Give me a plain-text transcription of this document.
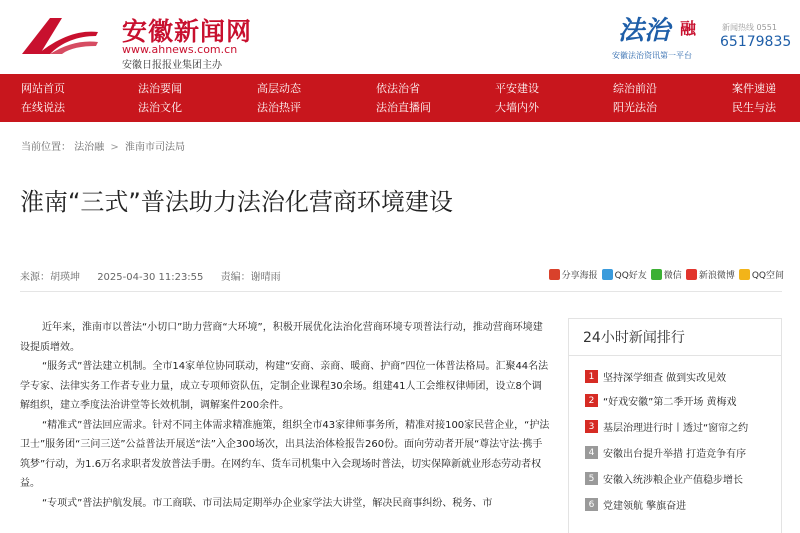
安徽新闻网
www.ahnews.com.cn
安徽日报报业集团主办
法治 融
安徽法治资讯第一平台
新闻热线 0551
65179835
网站首页	法治要闻	高层动态	依法治省	平安建设	综治前沿	案件速递
在线说法	法治文化	法治热评	法治直播间	大墙内外	阳光法治	民生与法
当前位置： 法治融 > 淮南市司法局
淮南“三式”普法助力法治化营商环境建设
来源：胡瑛坤 2025-04-30 11:23:55 责编：谢晴雨	分享海报 QQ好友 微信 新浪微博 QQ空间

近年来，淮南市以普法“小切口”助力营商“大环境”，积极开展优化法治化营商环境专项普法行动，推动营商环境建设提质增效。

“服务式”普法建立机制。全市14家单位协同联动，构建“安商、亲商、暖商、护商”四位一体普法格局。汇聚44名法学专家、法律实务工作者专业力量，成立专项师资队伍，定制企业课程30余场。组建41人工会维权律师团，设立8个调解组织，建立季度法治讲堂等长效机制，调解案件200余件。

“精准式”普法回应需求。针对不同主体需求精准施策，组织全市43家律师事务所，精准对接100家民营企业，“护法卫士”服务团“三问三送”公益普法开展送“法”入企300场次，出具法治体检报告260份。面向劳动者开展“尊法守法·携手筑梦”行动，为1.6万名求职者发放普法手册。在网约车、货车司机集中入会现场时普法，切实保障新就业形态劳动者权益。

“专项式”普法护航发展。市工商联、市司法局定期举办企业家学法大讲堂，解决民商事纠纷、税务、市

24小时新闻排行
1 坚持深学细查 做到实改见效
2 “好戏安徽”第二季开场 黄梅戏
3 基层治理进行时丨透过“窗帘之约
4 安徽出台提升举措 打造竞争有序
5 安徽入统涉粮企业产值稳步增长
6 党建领航 擎旗奋进
